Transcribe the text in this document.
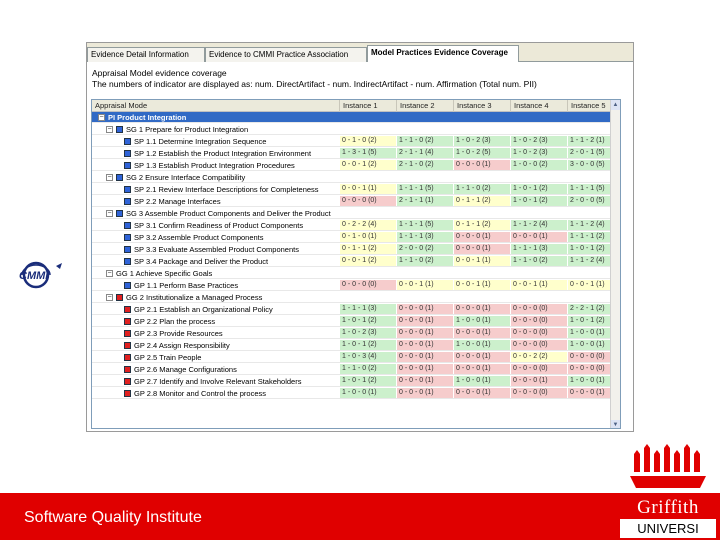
CMMI
Evidence Detail Information	Evidence to CMMI Practice Association	Model Practices Evidence Coverage
Appraisal Model evidence coverage
The numbers of indicator are displayed as: num. DirectArtifact - num. IndirectArtifact - num. Affirmation (Total num. PII)
Appraisal Mode	Instance 1	Instance 2	Instance 3	Instance 4	Instance 5
− PI Product Integration
− SG 1 Prepare for Product Integration
SP 1.1 Determine Integration Sequence	0 - 1 - 0 (2)	1 - 1 - 0 (2)	1 - 0 - 2 (3)	1 - 0 - 2 (3)	1 - 1 - 2 (1)
SP 1.2 Establish the Product Integration Environment	1 - 3 - 1 (5)	2 - 1 - 1 (4)	1 - 0 - 2 (5)	1 - 0 - 2 (3)	2 - 0 - 1 (5)
SP 1.3 Establish Product Integration Procedures	0 - 0 - 1 (2)	2 - 1 - 0 (2)	0 - 0 - 0 (1)	1 - 0 - 0 (2)	3 - 0 - 0 (5)
− SG 2 Ensure Interface Compatibility
SP 2.1 Review Interface Descriptions for Completeness	0 - 0 - 1 (1)	1 - 1 - 1 (5)	1 - 1 - 0 (2)	1 - 0 - 1 (2)	1 - 1 - 1 (5)
SP 2.2 Manage Interfaces	0 - 0 - 0 (0)	2 - 1 - 1 (1)	0 - 1 - 1 (2)	1 - 0 - 1 (2)	2 - 0 - 0 (5)
− SG 3 Assemble Product Components and Deliver the Product
SP 3.1 Confirm Readiness of Product Components	0 - 2 - 2 (4)	1 - 1 - 1 (5)	0 - 1 - 1 (2)	1 - 1 - 2 (4)	1 - 1 - 2 (4)
SP 3.2 Assemble Product Components	0 - 1 - 0 (1)	1 - 1 - 1 (3)	0 - 0 - 0 (1)	0 - 0 - 0 (1)	1 - 1 - 1 (2)
SP 3.3 Evaluate Assembled Product Components	0 - 1 - 1 (2)	2 - 0 - 0 (2)	0 - 0 - 0 (1)	1 - 1 - 1 (3)	1 - 0 - 1 (2)
SP 3.4 Package and Deliver the Product	0 - 0 - 1 (2)	1 - 1 - 0 (2)	0 - 0 - 1 (1)	1 - 1 - 0 (2)	1 - 1 - 2 (4)
− GG 1 Achieve Specific Goals
GP 1.1 Perform Base Practices	0 - 0 - 0 (0)	0 - 0 - 1 (1)	0 - 0 - 1 (1)	0 - 0 - 1 (1)	0 - 0 - 1 (1)
− GG 2 Institutionalize a Managed Process
GP 2.1 Establish an Organizational Policy	1 - 1 - 1 (3)	0 - 0 - 0 (1)	0 - 0 - 0 (1)	0 - 0 - 0 (0)	2 - 2 - 1 (2)
GP 2.2 Plan the process	1 - 0 - 1 (2)	0 - 0 - 0 (1)	1 - 0 - 0 (1)	0 - 0 - 0 (0)	1 - 0 - 1 (2)
GP 2.3 Provide Resources	1 - 0 - 2 (3)	0 - 0 - 0 (1)	0 - 0 - 0 (1)	0 - 0 - 0 (0)	1 - 0 - 0 (1)
GP 2.4 Assign Responsibility	1 - 0 - 1 (2)	0 - 0 - 0 (1)	1 - 0 - 0 (1)	0 - 0 - 0 (0)	1 - 0 - 0 (1)
GP 2.5 Train People	1 - 0 - 3 (4)	0 - 0 - 0 (1)	0 - 0 - 0 (1)	0 - 0 - 2 (2)	0 - 0 - 0 (0)
GP 2.6 Manage Configurations	1 - 1 - 0 (2)	0 - 0 - 0 (1)	0 - 0 - 0 (1)	0 - 0 - 0 (0)	0 - 0 - 0 (0)
GP 2.7 Identify and Involve Relevant Stakeholders	1 - 0 - 1 (2)	0 - 0 - 0 (1)	1 - 0 - 0 (1)	0 - 0 - 0 (1)	1 - 0 - 0 (1)
GP 2.8 Monitor and Control the process	1 - 0 - 0 (1)	0 - 0 - 0 (1)	0 - 0 - 0 (1)	0 - 0 - 0 (0)	0 - 0 - 0 (1)
▲
▼
Software Quality Institute	Griffith
UNIVERSI
